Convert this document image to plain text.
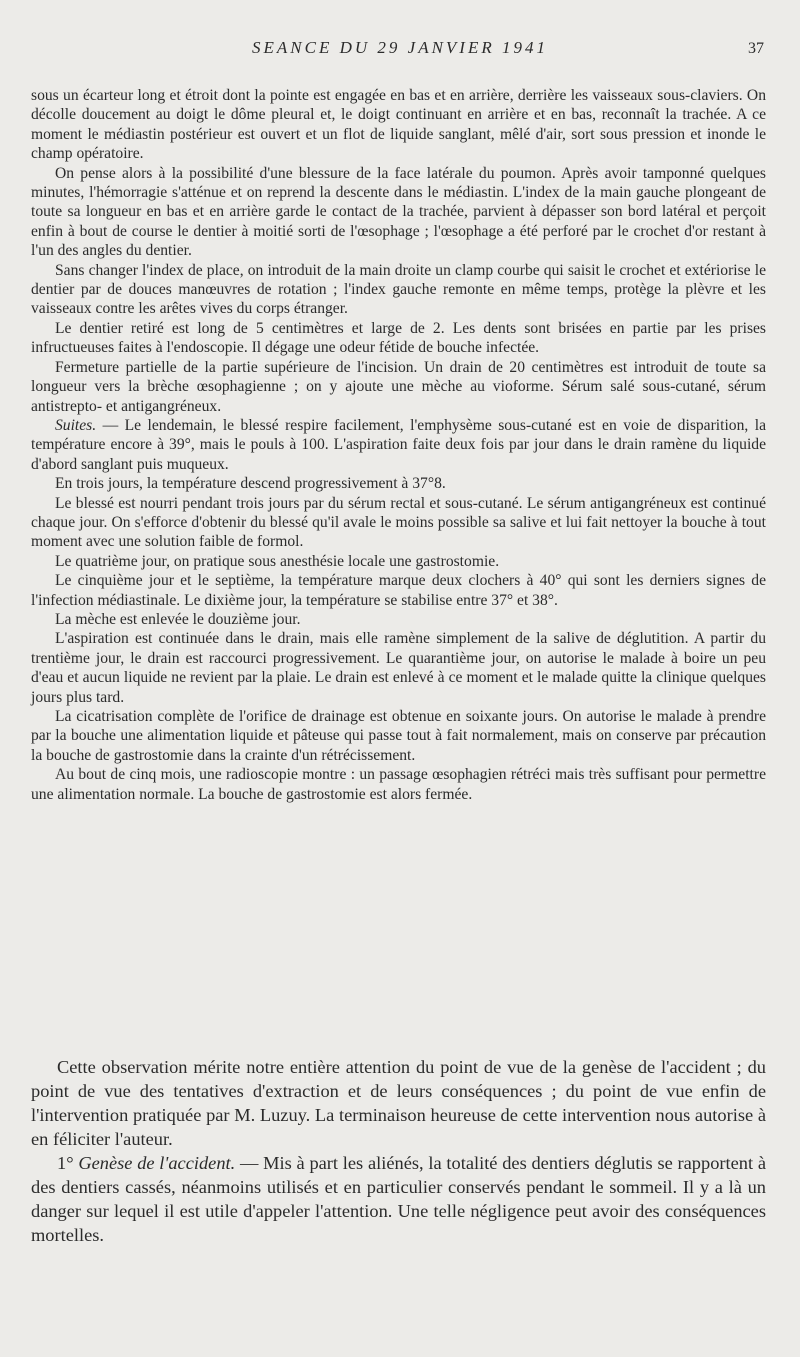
SEANCE DU 29 JANVIER 1941	37

sous un écarteur long et étroit dont la pointe est engagée en bas et en arrière, derrière les vaisseaux sous-claviers. On décolle doucement au doigt le dôme pleural et, le doigt continuant en arrière et en bas, reconnaît la trachée. A ce moment le médiastin postérieur est ouvert et un flot de liquide sanglant, mêlé d'air, sort sous pression et inonde le champ opératoire.

On pense alors à la possibilité d'une blessure de la face latérale du poumon. Après avoir tamponné quelques minutes, l'hémorragie s'atténue et on reprend la descente dans le médiastin. L'index de la main gauche plongeant de toute sa longueur en bas et en arrière garde le contact de la trachée, parvient à dépasser son bord latéral et perçoit enfin à bout de course le dentier à moitié sorti de l'œsophage ; l'œsophage a été perforé par le crochet d'or restant à l'un des angles du dentier.

Sans changer l'index de place, on introduit de la main droite un clamp courbe qui saisit le crochet et extériorise le dentier par de douces manœuvres de rotation ; l'index gauche remonte en même temps, protège la plèvre et les vaisseaux contre les arêtes vives du corps étranger.

Le dentier retiré est long de 5 centimètres et large de 2. Les dents sont brisées en partie par les prises infructueuses faites à l'endoscopie. Il dégage une odeur fétide de bouche infectée.

Fermeture partielle de la partie supérieure de l'incision. Un drain de 20 centimètres est introduit de toute sa longueur vers la brèche œsophagienne ; on y ajoute une mèche au vioforme. Sérum salé sous-cutané, sérum antistrepto- et antigangréneux.

Suites. — Le lendemain, le blessé respire facilement, l'emphysème sous-cutané est en voie de disparition, la température encore à 39°, mais le pouls à 100. L'aspiration faite deux fois par jour dans le drain ramène du liquide d'abord sanglant puis muqueux.

En trois jours, la température descend progressivement à 37°8.

Le blessé est nourri pendant trois jours par du sérum rectal et sous-cutané. Le sérum antigangréneux est continué chaque jour. On s'efforce d'obtenir du blessé qu'il avale le moins possible sa salive et lui fait nettoyer la bouche à tout moment avec une solution faible de formol.

Le quatrième jour, on pratique sous anesthésie locale une gastrostomie.

Le cinquième jour et le septième, la température marque deux clochers à 40° qui sont les derniers signes de l'infection médiastinale. Le dixième jour, la température se stabilise entre 37° et 38°.

La mèche est enlevée le douzième jour.

L'aspiration est continuée dans le drain, mais elle ramène simplement de la salive de déglutition. A partir du trentième jour, le drain est raccourci progressivement. Le quarantième jour, on autorise le malade à boire un peu d'eau et aucun liquide ne revient par la plaie. Le drain est enlevé à ce moment et le malade quitte la clinique quelques jours plus tard.

La cicatrisation complète de l'orifice de drainage est obtenue en soixante jours. On autorise le malade à prendre par la bouche une alimentation liquide et pâteuse qui passe tout à fait normalement, mais on conserve par précaution la bouche de gastrostomie dans la crainte d'un rétrécissement.

Au bout de cinq mois, une radioscopie montre : un passage œsophagien rétréci mais très suffisant pour permettre une alimentation normale. La bouche de gastrostomie est alors fermée.

Cette observation mérite notre entière attention du point de vue de la genèse de l'accident ; du point de vue des tentatives d'extraction et de leurs conséquences ; du point de vue enfin de l'intervention pratiquée par M. Luzuy. La terminaison heureuse de cette intervention nous autorise à en féliciter l'auteur.

1° Genèse de l'accident. — Mis à part les aliénés, la totalité des dentiers déglutis se rapportent à des dentiers cassés, néanmoins utilisés et en particulier conservés pendant le sommeil. Il y a là un danger sur lequel il est utile d'appeler l'attention. Une telle négligence peut avoir des conséquences mortelles.
